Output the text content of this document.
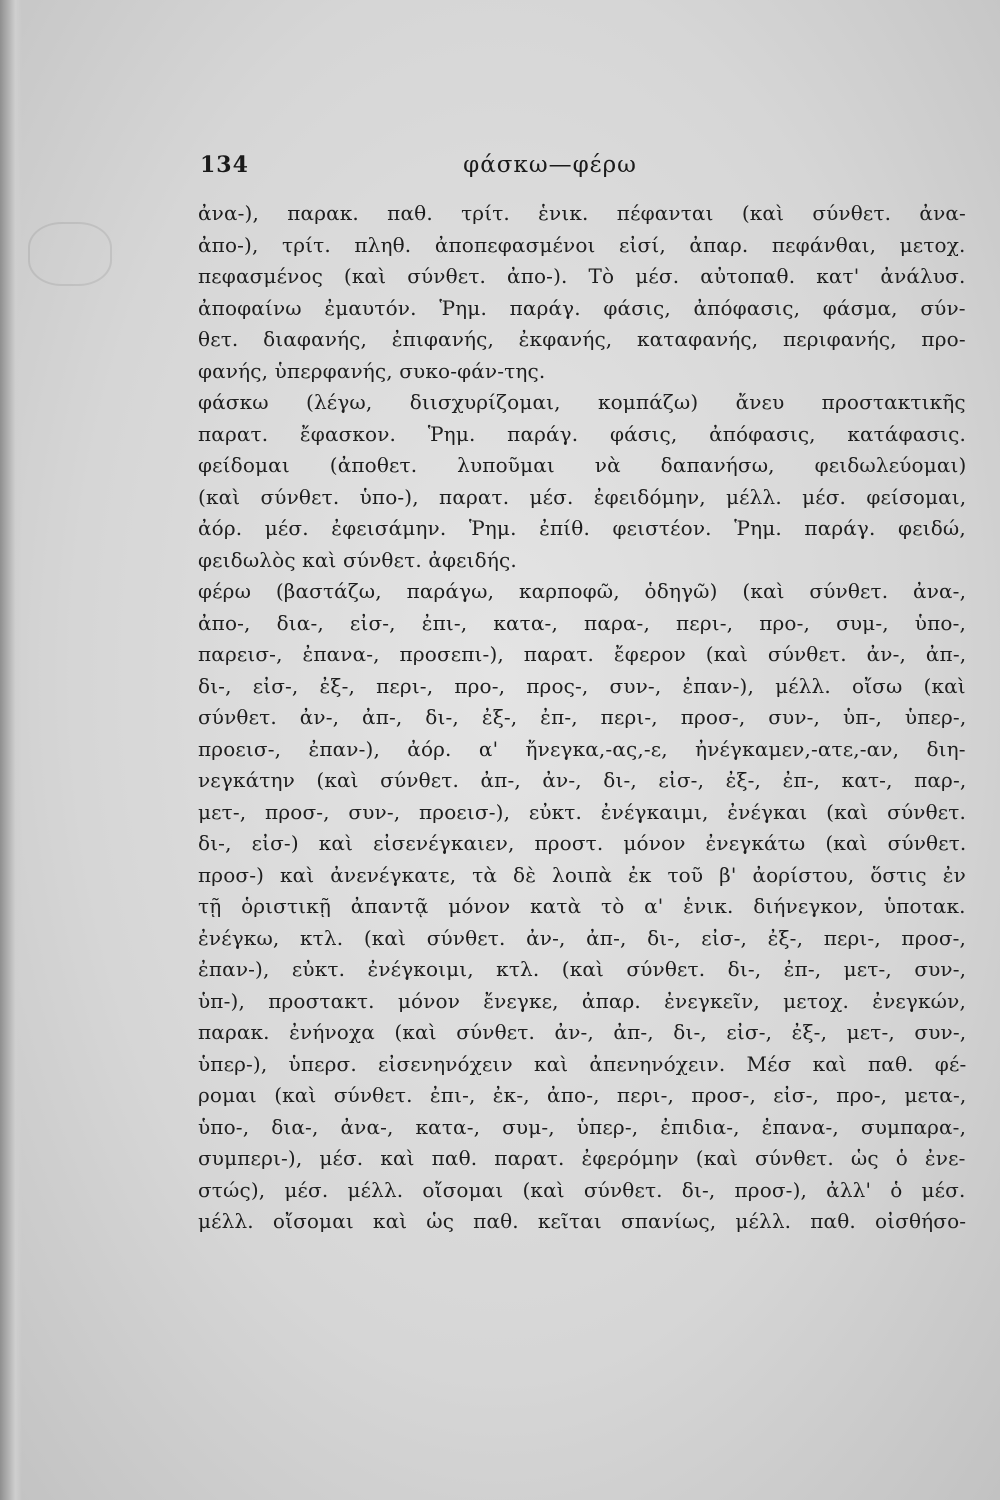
134	φάσκω—φέρω
ἀνα-), παρακ. παθ. τρίτ. ἑνικ. πέφανται (καὶ σύνθετ. ἀνα-
ἀπο-), τρίτ. πληθ. ἀποπεφασμένοι εἰσί, ἀπαρ. πεφάνθαι, μετοχ.
πεφασμένος (καὶ σύνθετ. ἀπο-). Τὸ μέσ. αὐτοπαθ. κατ' ἀνάλυσ.
ἀποφαίνω ἐμαυτόν. Ῥημ. παράγ. φάσις, ἀπόφασις, φάσμα, σύν-
θετ. διαφανής, ἐπιφανής, ἐκφανής, καταφανής, περιφανής, προ-
φανής, ὑπερφανής, συκο-φάν-της.
φάσκω (λέγω, διισχυρίζομαι, κομπάζω) ἄνευ προστακτικῆς
παρατ. ἔφασκον. Ῥημ. παράγ. φάσις, ἀπόφασις, κατάφασις.
φείδομαι (ἀποθετ. λυποῦμαι νὰ δαπανήσω, φειδωλεύομαι)
(καὶ σύνθετ. ὑπο-), παρατ. μέσ. ἐφειδόμην, μέλλ. μέσ. φείσομαι,
ἀόρ. μέσ. ἐφεισάμην. Ῥημ. ἐπίθ. φειστέον. Ῥημ. παράγ. φειδώ,
φειδωλὸς καὶ σύνθετ. ἀφειδής.
φέρω (βαστάζω, παράγω, καρποφῶ, ὁδηγῶ) (καὶ σύνθετ. ἀνα-,
ἀπο-, δια-, εἰσ-, ἐπι-, κατα-, παρα-, περι-, προ-, συμ-, ὑπο-,
παρεισ-, ἐπανα-, προσεπι-), παρατ. ἔφερον (καὶ σύνθετ. ἀν-, ἀπ-,
δι-, εἰσ-, ἐξ-, περι-, προ-, προς-, συν-, ἐπαν-), μέλλ. οἴσω (καὶ
σύνθετ. ἀν-, ἀπ-, δι-, ἐξ-, ἐπ-, περι-, προσ-, συν-, ὑπ-, ὑπερ-,
προεισ-, ἐπαν-), ἀόρ. α' ἤνεγκα,-ας,-ε, ἠνέγκαμεν,-ατε,-αν, διη-
νεγκάτην (καὶ σύνθετ. ἀπ-, ἀν-, δι-, εἰσ-, ἐξ-, ἐπ-, κατ-, παρ-,
μετ-, προσ-, συν-, προεισ-), εὐκτ. ἐνέγκαιμι, ἐνέγκαι (καὶ σύνθετ.
δι-, εἰσ-) καὶ εἰσενέγκαιεν, προστ. μόνον ἐνεγκάτω (καὶ σύνθετ.
προσ-) καὶ ἀνενέγκατε, τὰ δὲ λοιπὰ ἐκ τοῦ β' ἀορίστου, ὅστις ἐν
τῇ ὁριστικῇ ἀπαντᾷ μόνον κατὰ τὸ α' ἑνικ. διήνεγκον, ὑποτακ.
ἐνέγκω, κτλ. (καὶ σύνθετ. ἀν-, ἀπ-, δι-, εἰσ-, ἐξ-, περι-, προσ-,
ἐπαν-), εὐκτ. ἐνέγκοιμι, κτλ. (καὶ σύνθετ. δι-, ἐπ-, μετ-, συν-,
ὑπ-), προστακτ. μόνον ἔνεγκε, ἀπαρ. ἐνεγκεῖν, μετοχ. ἐνεγκών,
παρακ. ἐνήνοχα (καὶ σύνθετ. ἀν-, ἀπ-, δι-, εἰσ-, ἐξ-, μετ-, συν-,
ὑπερ-), ὑπερσ. εἰσενηνόχειν καὶ ἀπενηνόχειν. Μέσ καὶ παθ. φέ-
ρομαι (καὶ σύνθετ. ἐπι-, ἐκ-, ἀπο-, περι-, προσ-, εἰσ-, προ-, μετα-,
ὑπο-, δια-, ἀνα-, κατα-, συμ-, ὑπερ-, ἐπιδια-, ἐπανα-, συμπαρα-,
συμπερι-), μέσ. καὶ παθ. παρατ. ἐφερόμην (καὶ σύνθετ. ὡς ὁ ἐνε-
στώς), μέσ. μέλλ. οἴσομαι (καὶ σύνθετ. δι-, προσ-), ἀλλ' ὁ μέσ.
μέλλ. οἴσομαι καὶ ὡς παθ. κεῖται σπανίως, μέλλ. παθ. οἰσθήσο-
